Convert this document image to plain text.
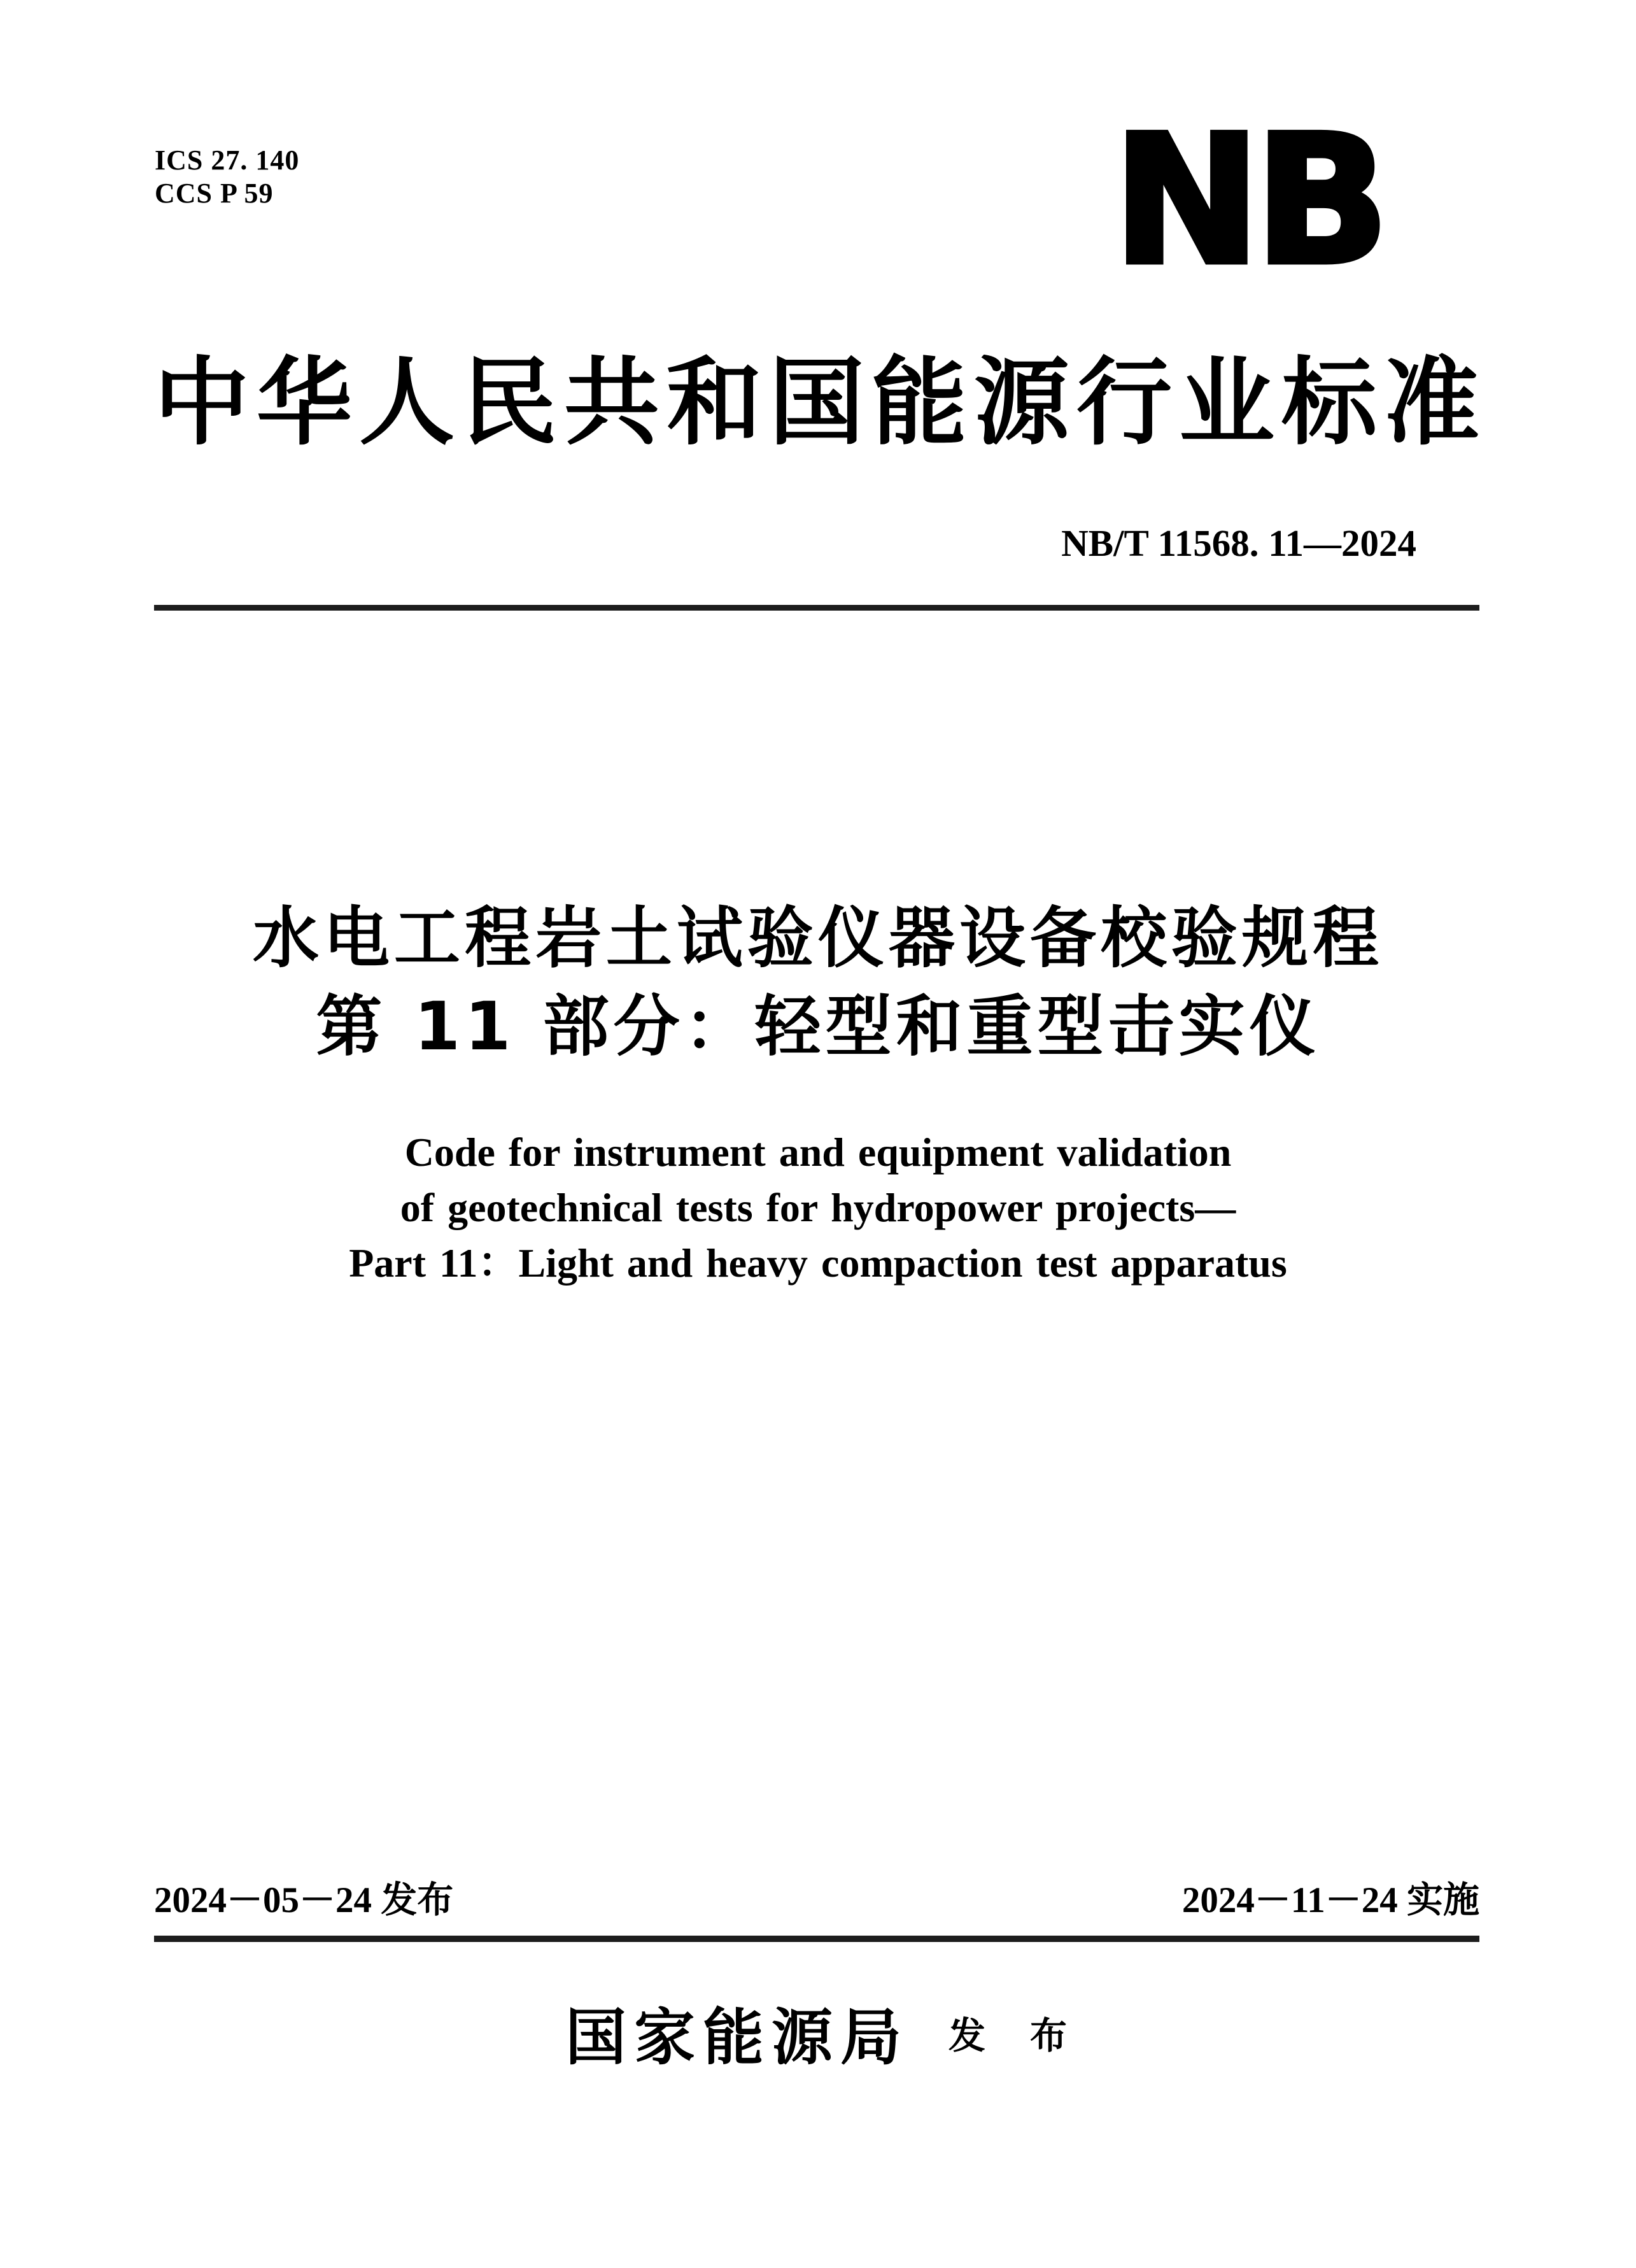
ICS 27. 140
CCS P 59	NB
中华人民共和国能源行业标准
NB/T 11568. 11—2024
水电工程岩土试验仪器设备校验规程
第 11 部分：轻型和重型击实仪
Code for instrument and equipment validation
of geotechnical tests for hydropower projects—
Part 11：Light and heavy compaction test apparatus
2024－05－24 发布	2024－11－24 实施
国家能源局 发　布
